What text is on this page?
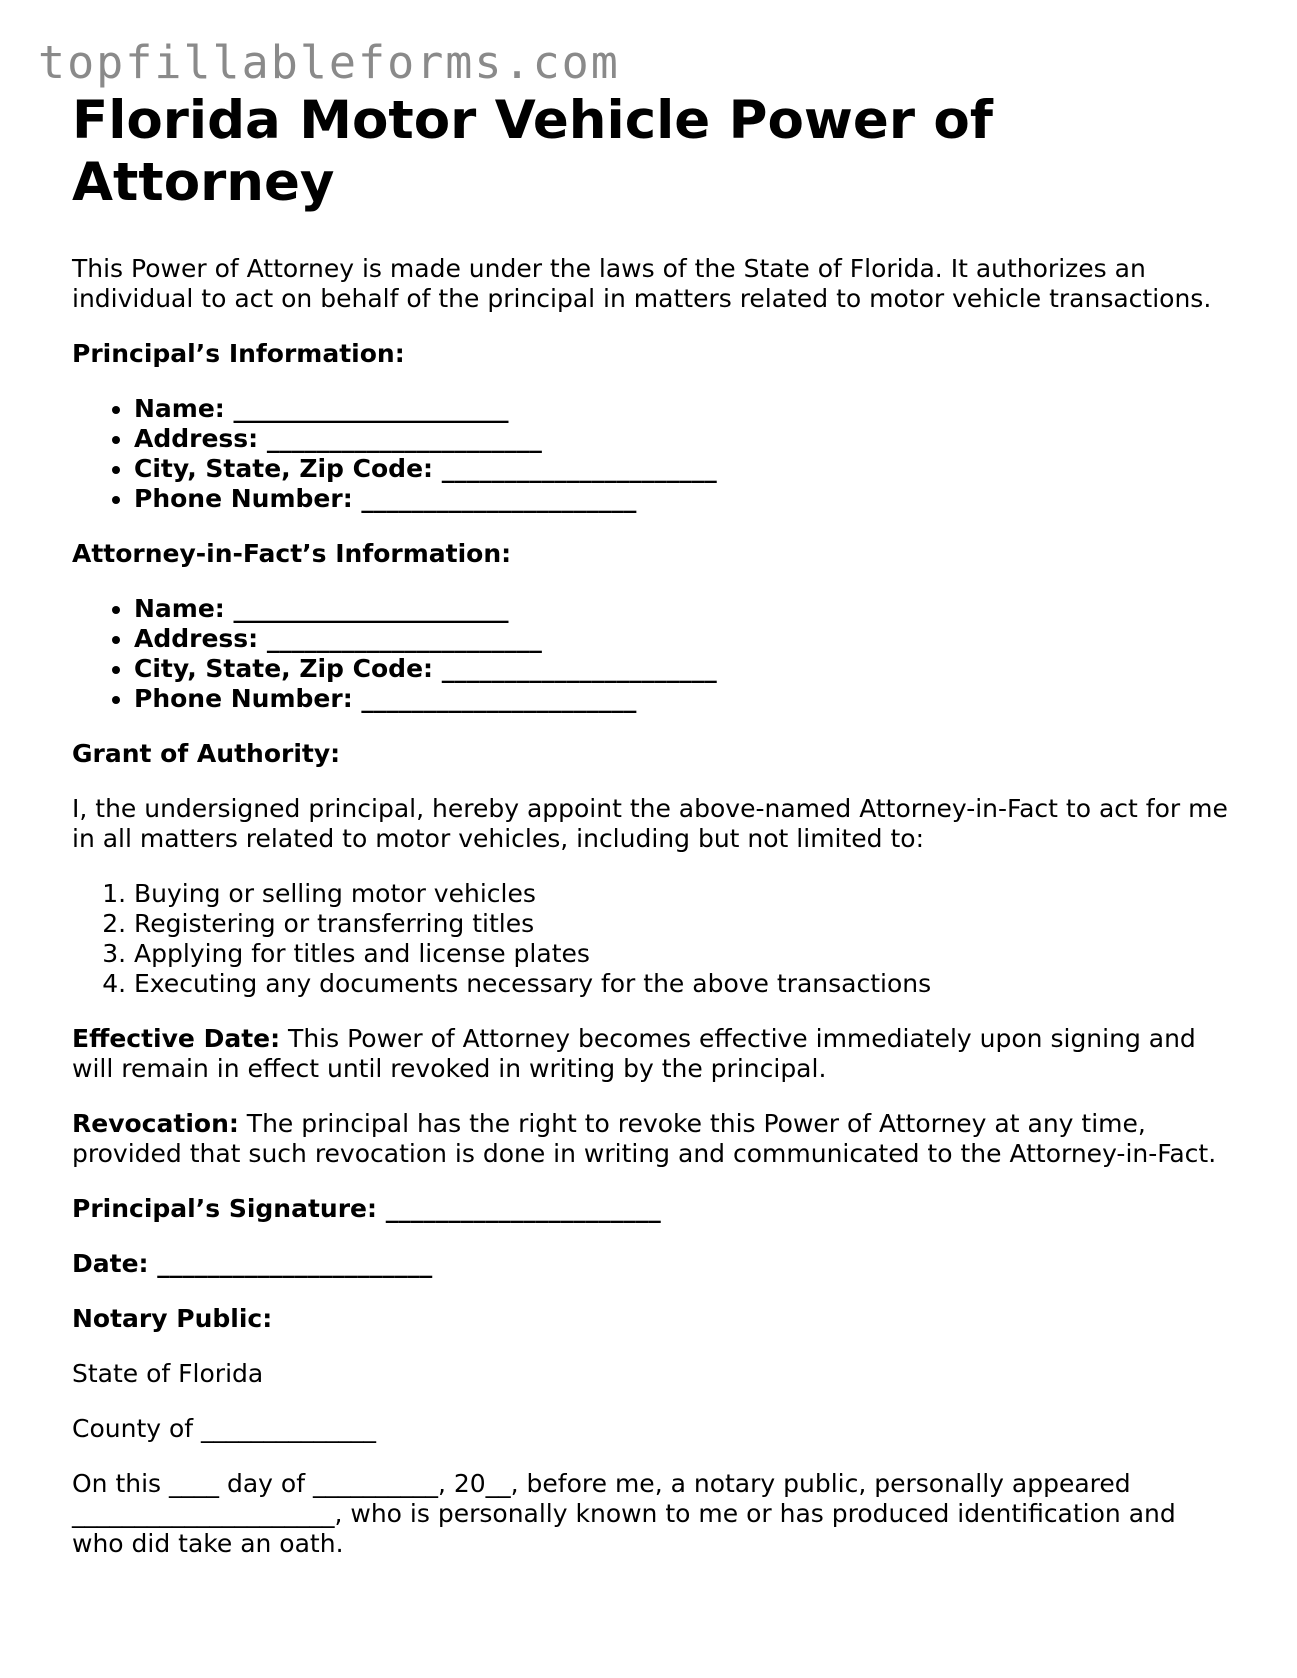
topfillableforms.com
Florida Motor Vehicle Power of Attorney

This Power of Attorney is made under the laws of the State of Florida. It authorizes an individual to act on behalf of the principal in matters related to motor vehicle transactions.

Principal’s Information:

• Name: ______________________
• Address: ______________________
• City, State, Zip Code: ______________________
• Phone Number: ______________________

Attorney-in-Fact’s Information:

• Name: ______________________
• Address: ______________________
• City, State, Zip Code: ______________________
• Phone Number: ______________________

Grant of Authority:

I, the undersigned principal, hereby appoint the above-named Attorney-in-Fact to act for me in all matters related to motor vehicles, including but not limited to:

1. Buying or selling motor vehicles
2. Registering or transferring titles
3. Applying for titles and license plates
4. Executing any documents necessary for the above transactions

Effective Date: This Power of Attorney becomes effective immediately upon signing and will remain in effect until revoked in writing by the principal.

Revocation: The principal has the right to revoke this Power of Attorney at any time, provided that such revocation is done in writing and communicated to the Attorney-in-Fact.

Principal’s Signature: ______________________

Date: ______________________

Notary Public:

State of Florida

County of ______________

On this ____ day of __________, 20__, before me, a notary public, personally appeared _____________________, who is personally known to me or has produced identification and who did take an oath.
